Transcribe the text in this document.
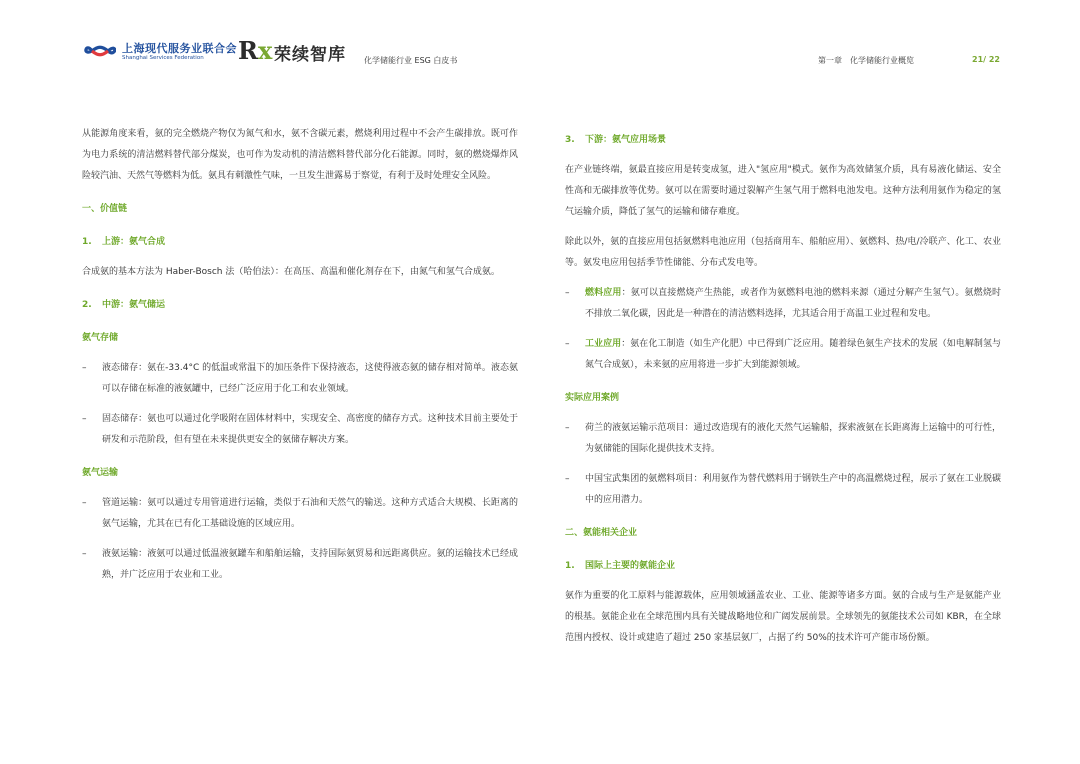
上海现代服务业联合会
Shanghai Services Federation Rx 荣续智库 化学储能行业 ESG 白皮书	第一章　化学储能行业概览	21/ 22

从能源角度来看，氨的完全燃烧产物仅为氮气和水，氨不含碳元素，燃烧利用过程中不会产生碳排放。既可作为电力系统的清洁燃料替代部分煤炭，也可作为发动机的清洁燃料替代部分化石能源。同时，氨的燃烧爆炸风险较汽油、天然气等燃料为低。氨具有刺激性气味，一旦发生泄露易于察觉，有利于及时处理安全风险。

一、价值链
1. 上游：氨气合成

合成氨的基本方法为 Haber-Bosch 法（哈伯法）：在高压、高温和催化剂存在下，由氮气和氢气合成氨。

2. 中游：氨气储运
氨气存储
– 液态储存：氨在-33.4°C 的低温或常温下的加压条件下保持液态，这使得液态氨的储存相对简单。液态氨可以存储在标准的液氨罐中，已经广泛应用于化工和农业领域。
– 固态储存：氨也可以通过化学吸附在固体材料中，实现安全、高密度的储存方式。这种技术目前主要处于研发和示范阶段，但有望在未来提供更安全的氨储存解决方案。
氨气运输
– 管道运输：氨可以通过专用管道进行运输，类似于石油和天然气的输送。这种方式适合大规模、长距离的氨气运输，尤其在已有化工基础设施的区域应用。
– 液氨运输：液氨可以通过低温液氨罐车和船舶运输，支持国际氨贸易和远距离供应。氨的运输技术已经成熟，并广泛应用于农业和工业。
3. 下游：氨气应用场景

在产业链终端，氨最直接应用是转变成氢，进入"氢应用"模式。氨作为高效储氢介质，具有易液化储运、安全性高和无碳排放等优势。氨可以在需要时通过裂解产生氢气用于燃料电池发电。这种方法利用氨作为稳定的氢气运输介质，降低了氢气的运输和储存难度。

除此以外，氨的直接应用包括氨燃料电池应用（包括商用车、船舶应用）、氨燃料、热/电/冷联产、化工、农业等。氨发电应用包括季节性储能、分布式发电等。

– 燃料应用：氨可以直接燃烧产生热能，或者作为氨燃料电池的燃料来源（通过分解产生氢气）。氨燃烧时不排放二氧化碳，因此是一种潜在的清洁燃料选择，尤其适合用于高温工业过程和发电。
– 工业应用：氨在化工制造（如生产化肥）中已得到广泛应用。随着绿色氨生产技术的发展（如电解制氢与氮气合成氨），未来氨的应用将进一步扩大到能源领域。
实际应用案例
– 荷兰的液氨运输示范项目：通过改造现有的液化天然气运输船，探索液氨在长距离海上运输中的可行性，为氨储能的国际化提供技术支持。
– 中国宝武集团的氨燃料项目：利用氨作为替代燃料用于钢铁生产中的高温燃烧过程，展示了氨在工业脱碳中的应用潜力。
二、氨能相关企业
1. 国际上主要的氨能企业

氨作为重要的化工原料与能源载体，应用领域涵盖农业、工业、能源等诸多方面。氨的合成与生产是氨能产业的根基。氨能企业在全球范围内具有关键战略地位和广阔发展前景。全球领先的氨能技术公司如 KBR，在全球范围内授权、设计或建造了超过 250 家基层氨厂，占据了约 50%的技术许可产能市场份额。
